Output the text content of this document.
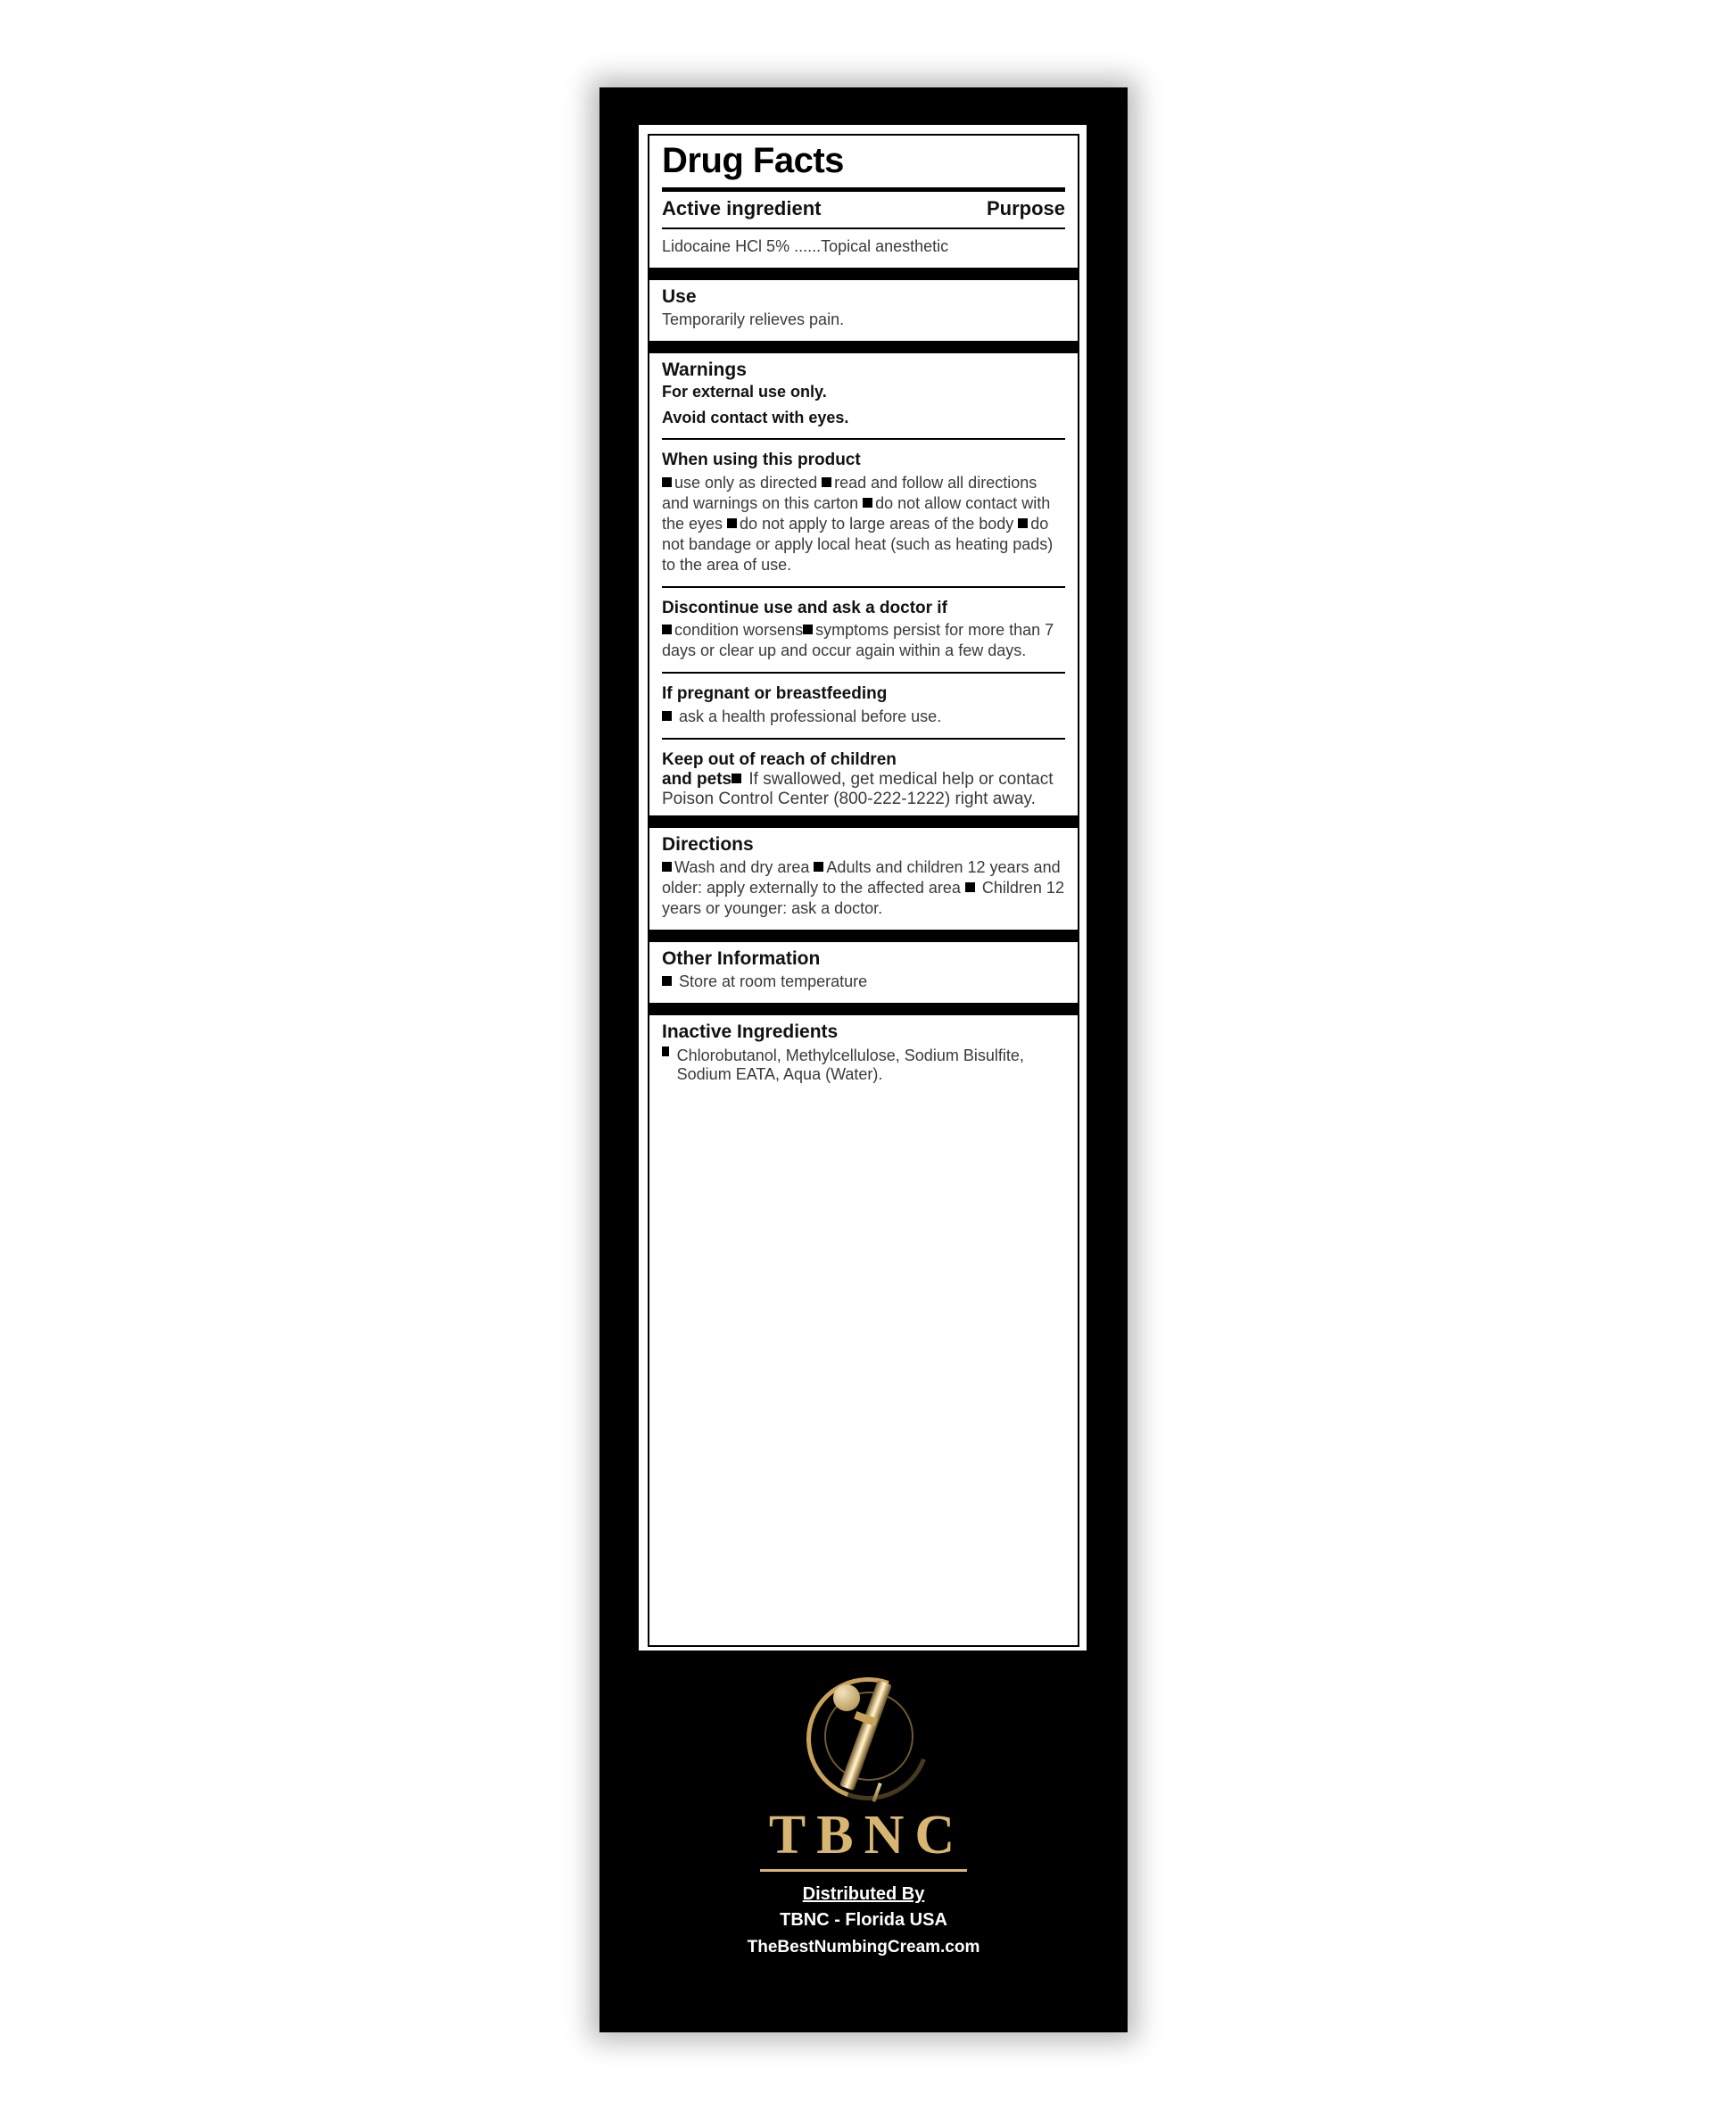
Drug Facts
Active ingredient	Purpose
Lidocaine HCl 5% ......Topical anesthetic
Use
Temporarily relieves pain.
Warnings
For external use only.
Avoid contact with eyes.
When using this product
use only as directed read and follow all directions and warnings on this carton do not allow contact with the eyes do not apply to large areas of the body do not bandage or apply local heat (such as heating pads) to the area of use.
Discontinue use and ask a doctor if
condition worsens symptoms persist for more than 7 days or clear up and occur again within a few days.
If pregnant or breastfeeding
ask a health professional before use.
Keep out of reach of children
and pets If swallowed, get medical help or contact Poison Control Center (800-222-1222) right away.
Directions
Wash and dry area Adults and children 12 years and older: apply externally to the affected area  Children 12 years or younger: ask a doctor.
Other Information
Store at room temperature
Inactive Ingredients
Chlorobutanol, Methylcellulose, Sodium Bisulfite, Sodium EATA, Aqua (Water).
TBNC
Distributed By
TBNC - Florida USA
TheBestNumbingCream.com
